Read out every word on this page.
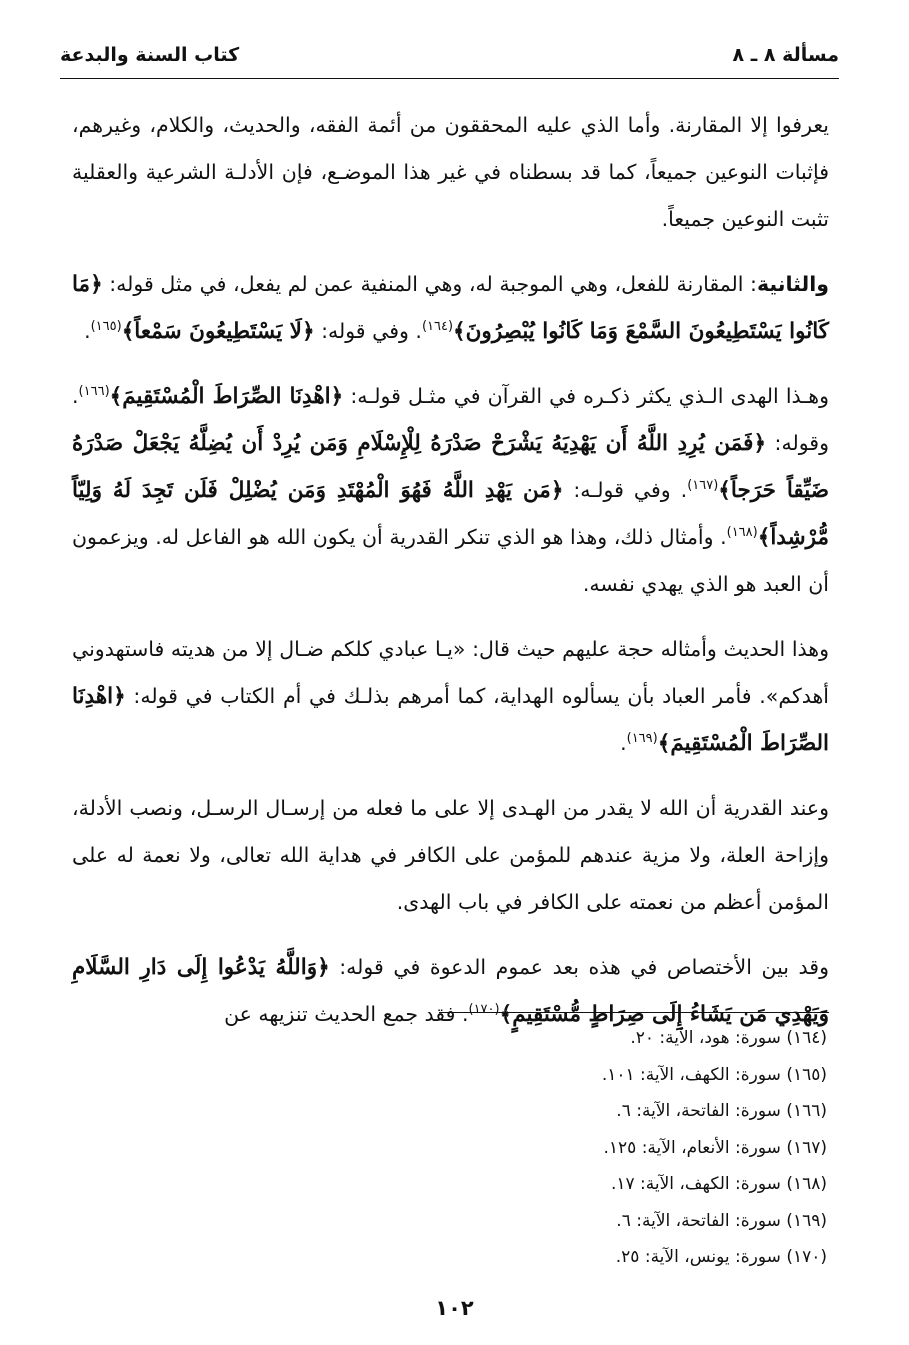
مسألة ٨ ـ ٨
كتاب السنة والبدعة

يعرفوا إلا المقارنة. وأما الذي عليه المحققون من أئمة الفقه، والحديث، والكلام، وغيرهم، فإثبات النوعين جميعاً، كما قد بسطناه في غير هذا الموضـع، فإن الأدلـة الشرعية والعقلية تثبت النوعين جميعاً.

والثانية: المقارنة للفعل، وهي الموجبة له، وهي المنفية عمن لم يفعل، في مثل قوله: ﴿مَا كَانُوا يَسْتَطِيعُونَ السَّمْعَ وَمَا كَانُوا يُبْصِرُونَ﴾$^{(١٦٤)}$. وفي قوله: ﴿لَا يَسْتَطِيعُونَ سَمْعاً﴾$^{(١٦٥)}$.

وهـذا الهدى الـذي يكثر ذكـره في القرآن في مثـل قولـه: ﴿اهْدِنَا الصِّرَاطَ الْمُسْتَقِيمَ﴾$^{(١٦٦)}$. وقوله: ﴿فَمَن يُرِدِ اللَّهُ أَن يَهْدِيَهُ يَشْرَحْ صَدْرَهُ لِلْإِسْلَامِ وَمَن يُرِدْ أَن يُضِلَّهُ يَجْعَلْ صَدْرَهُ ضَيِّقاً حَرَجاً﴾$^{(١٦٧)}$. وفي قولـه: ﴿مَن يَهْدِ اللَّهُ فَهُوَ الْمُهْتَدِ وَمَن يُضْلِلْ فَلَن تَجِدَ لَهُ وَلِيّاً مُّرْشِداً﴾$^{(١٦٨)}$. وأمثال ذلك، وهذا هو الذي تنكر القدرية أن يكون الله هو الفاعل له. ويزعمون أن العبد هو الذي يهدي نفسه.

وهذا الحديث وأمثاله حجة عليهم حيث قال: «يـا عبادي كلكم ضـال إلا من هديته فاستهدوني أهدكم». فأمر العباد بأن يسألوه الهداية، كما أمرهم بذلـك في أم الكتاب في قوله: ﴿اهْدِنَا الصِّرَاطَ الْمُسْتَقِيمَ﴾$^{(١٦٩)}$.

وعند القدرية أن الله لا يقدر من الهـدى إلا على ما فعله من إرسـال الرسـل، ونصب الأدلة، وإزاحة العلة، ولا مزية عندهم للمؤمن على الكافر في هداية الله تعالى، ولا نعمة له على المؤمن أعظم من نعمته على الكافر في باب الهدى.

وقد بين الأختصاص في هذه بعد عموم الدعوة في قوله: ﴿وَاللَّهُ يَدْعُوا إِلَى دَارِ السَّلَامِ وَيَهْدِي مَن يَشَاءُ إِلَى صِرَاطٍ مُّسْتَقِيمٍ﴾$^{(١٧٠)}$. فقد جمع الحديث تنزيهه عن

(١٦٤) سورة: هود، الآية: ٢٠.
(١٦٥) سورة: الكهف، الآية: ١٠١.
(١٦٦) سورة: الفاتحة، الآية: ٦.
(١٦٧) سورة: الأنعام، الآية: ١٢٥.
(١٦٨) سورة: الكهف، الآية: ١٧.
(١٦٩) سورة: الفاتحة، الآية: ٦.
(١٧٠) سورة: يونس، الآية: ٢٥.
١٠٢
